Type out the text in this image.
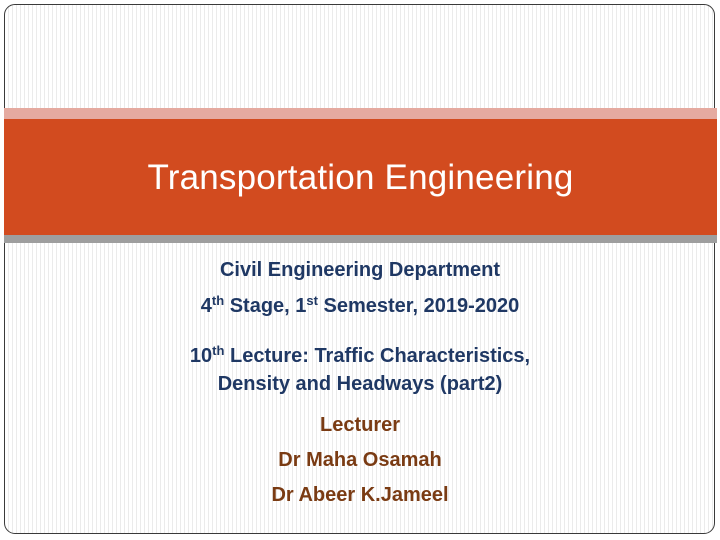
Transportation Engineering
Civil Engineering Department
4th Stage, 1st Semester, 2019-2020
10th Lecture: Traffic Characteristics,
Density and Headways (part2)
Lecturer
Dr Maha Osamah
Dr Abeer K.Jameel
